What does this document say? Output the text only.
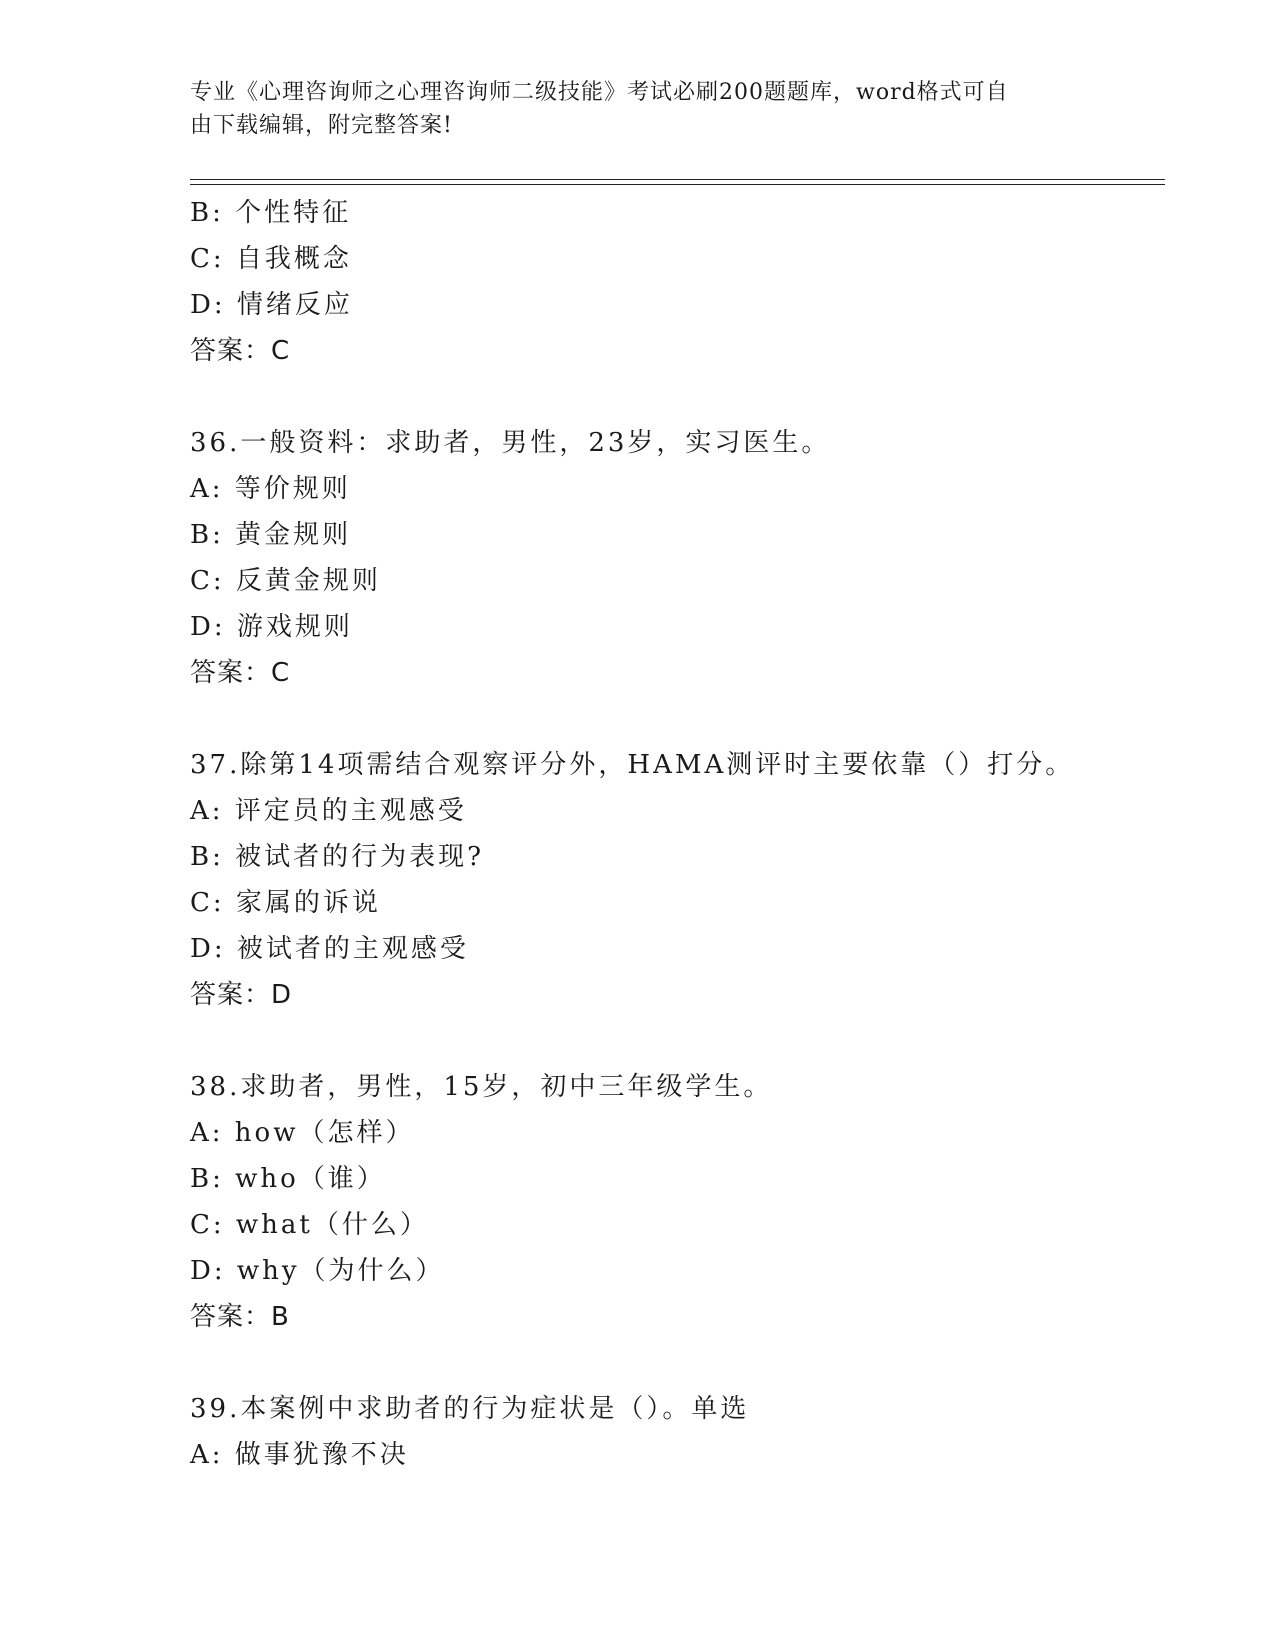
专业《心理咨询师之心理咨询师二级技能》考试必刷200题题库，word格式可自
由下载编辑，附完整答案!
B: 个性特征
C: 自我概念
D: 情绪反应
答案：C
36.一般资料：求助者，男性，23岁，实习医生。
A: 等价规则
B: 黄金规则
C: 反黄金规则
D: 游戏规则
答案：C
37.除第14项需结合观察评分外，HAMA测评时主要依靠（）打分。
A: 评定员的主观感受
B: 被试者的行为表现?
C: 家属的诉说
D: 被试者的主观感受
答案：D
38.求助者，男性，15岁，初中三年级学生。
A: how（怎样）
B: who（谁）
C: what（什么）
D: why（为什么）
答案：B
39.本案例中求助者的行为症状是（）。单选
A: 做事犹豫不决
